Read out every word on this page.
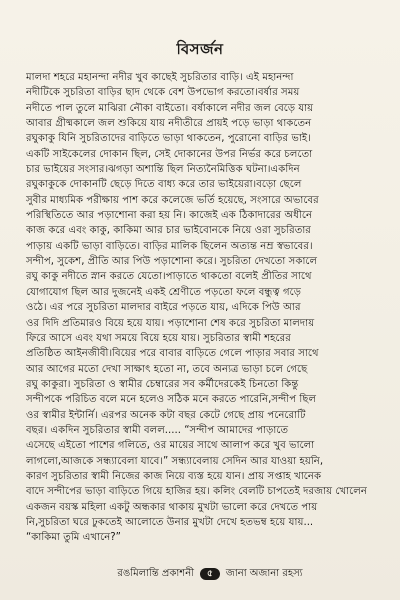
বিসর্জন
মালদা শহরে মহানন্দা নদীর খুব কাছেই সুচরিতার বাড়ি। এই মহানন্দা
নদীটিকে সুচরিতা বাড়ির ছাদ থেকে বেশ উপভোগ করতো।বর্ষার সময়
নদীতে পাল তুলে মাঝিরা নৌকা বাইতো। বর্ষাকালে নদীর জল বেড়ে যায়
আবার গ্রীষ্মকালে জল শুকিয়ে যায় নদীতীরে প্রায়ই পড়ে ভাড়া থাকতেন
রঘুকাকু যিনি সুচরিতাদের বাড়িতে ভাড়া থাকতেন, পুরোনো বাড়ির ভাই।
একটি সাইকেলের দোকান ছিল, সেই দোকানের উপর নির্ভর করে চলতো
চার ভাইয়ের সংসার।ঝগড়া অশান্তি ছিল নিত্যনৈমিত্তিক ঘটনা।একদিন
রঘুকাকুকে দোকানটি ছেড়ে দিতে বাধ্য করে তার ভাইয়েরা।বড়ো ছেলে
সুবীর মাধ্যমিক পরীক্ষায় পাশ করে কলেজে ভর্তি হয়েছে, সংসারে অভাবের
পরিস্থিতিতে আর পড়াশোনা করা হয় নি। কাজেই এক ঠিকাদারের অধীনে
কাজ করে এবং কাকু, কাকিমা আর চার ভাইবোনকে নিয়ে ওরা সুচরিতার
পাড়ায় একটি ভাড়া বাড়িতে। বাড়ির মালিক ছিলেন অত্যন্ত নম্র স্বভাবের।
সন্দীপ, সুকেশ, প্রীতি আর পিউ পড়াশোনা করে। সুচরিতা দেখতো সকালে
রঘু কাকু নদীতে স্নান করতে যেতো।পাড়াতে থাকতো বলেই প্রীতির সাথে
যোগাযোগ ছিল আর দুজনেই একই শ্রেণীতে পড়তো ফলে বন্ধুত্ব গড়ে
ওঠে। এর পরে সুচরিতা মালদার বাইরে পড়তে যায়, এদিকে পিউ আর
ওর দিদি প্রতিমারও বিয়ে হয়ে যায়। পড়াশোনা শেষ করে সুচরিতা মালদায়
ফিরে আসে এবং যথা সময়ে বিয়ে হয়ে যায়। সুচরিতার স্বামী শহরের
প্রতিষ্ঠিত আইনজীবী।বিয়ের পরে বাবার বাড়িতে গেলে পাড়ার সবার সাথে
আর আগের মতো দেখা সাক্ষাৎ হতো না, তবে অন্যত্র ভাড়া চলে গেছে
রঘু কাকুরা। সুচরিতা ও স্বামীর চেম্বারের সব কর্মীদেরকেই চিনতো কিন্তু
সন্দীপকে পরিচিত বলে মনে হলেও সঠিক মনে করতে পারেনি,সন্দীপ ছিল
ওর স্বামীর ইন্টার্নি। এরপর অনেক কটা বছর কেটে গেছে প্রায় পনেরোটি
বছর। একদিন সুচরিতার স্বামী বলল..... “সন্দীপ আমাদের পাড়াতে
এসেছে এইতো পাশের গলিতে, ওর মায়ের সাথে আলাপ করে খুব ভালো
লাগলো,আজকে সন্ধ্যাবেলা যাবে।” সন্ধ্যাবেলায় সেদিন আর যাওয়া হয়নি,
কারণ সুচরিতার স্বামী নিজের কাজ নিয়ে ব্যস্ত হয়ে যান। প্রায় সপ্তাহ খানেক
বাদে সন্দীপের ভাড়া বাড়িতে গিয়ে হাজির হয়। কলিং বেলটি চাপতেই দরজায় খোলেন
একজন বয়স্ক মহিলা একটু অন্ধকার থাকায় মুখটা ভালো করে দেখতে পায়
নি,সুচরিতা ঘরে ঢুকতেই আলোতে উনার মুখটা দেখে হতভম্ব হয়ে যায়...
“কাকিমা তুমি এখানে?”
রঙমিলান্তি প্রকাশনী	৫	জানা অজানা রহস্য
